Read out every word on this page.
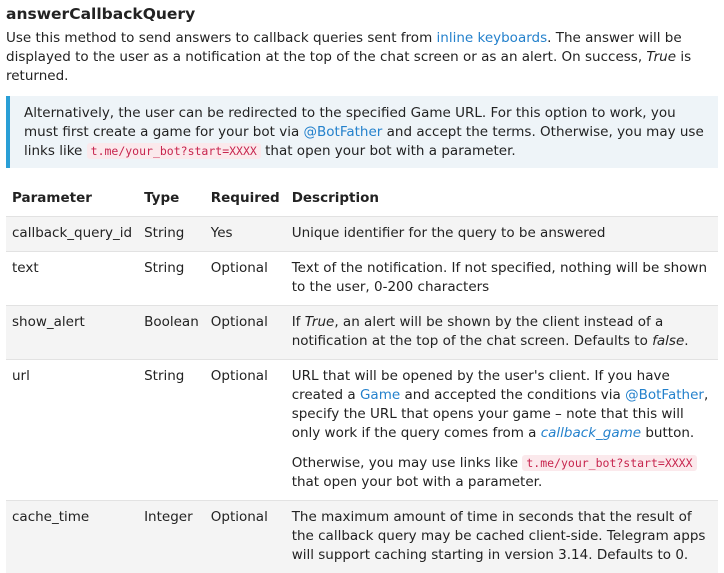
answerCallbackQuery

Use this method to send answers to callback queries sent from inline keyboards. The answer will be displayed to the user as a notification at the top of the chat screen or as an alert. On success, True is returned.

Alternatively, the user can be redirected to the specified Game URL. For this option to work, you must first create a game for your bot via @BotFather and accept the terms. Otherwise, you may use links like t.me/your_bot?start=XXXX that open your bot with a parameter.
Parameter	Type	Required	Description
callback_query_id	String	Yes	Unique identifier for the query to be answered
text	String	Optional	Text of the notification. If not specified, nothing will be shown to the user, 0-200 characters
show_alert	Boolean	Optional	If True, an alert will be shown by the client instead of a notification at the top of the chat screen. Defaults to false.
url	String	Optional	URL that will be opened by the user's client. If you have created a Game and accepted the conditions via @BotFather, specify the URL that opens your game – note that this will only work if the query comes from a callback_game button.
Otherwise, you may use links like t.me/your_bot?start=XXXX that open your bot with a parameter.

cache_time	Integer	Optional	The maximum amount of time in seconds that the result of the callback query may be cached client-side. Telegram apps will support caching starting in version 3.14. Defaults to 0.
